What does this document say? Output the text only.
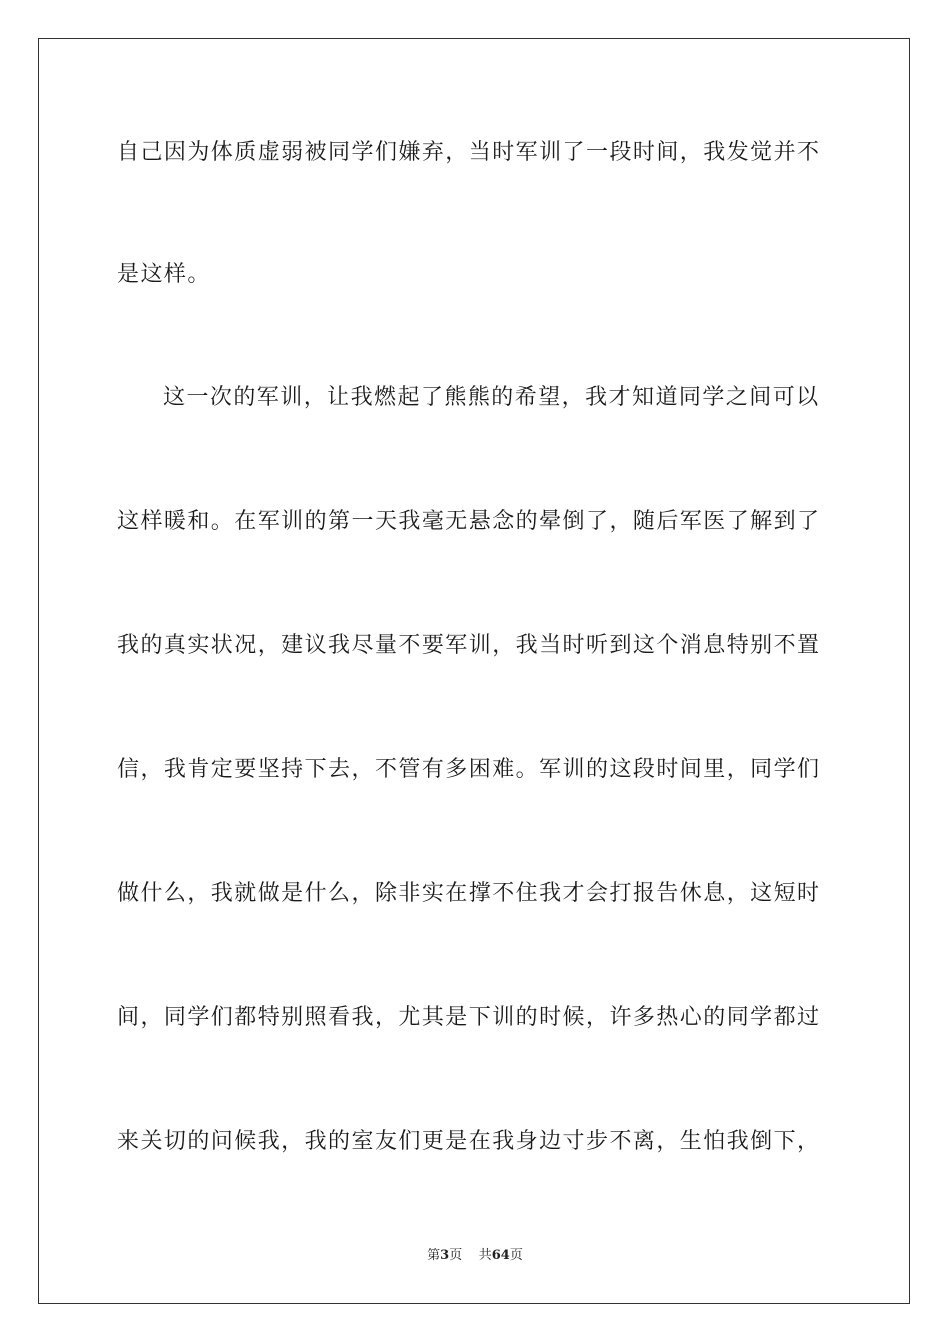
自己因为体质虚弱被同学们嫌弃，当时军训了一段时间，我发觉并不
是这样。
这一次的军训，让我燃起了熊熊的希望，我才知道同学之间可以
这样暖和。在军训的第一天我毫无悬念的晕倒了，随后军医了解到了
我的真实状况，建议我尽量不要军训，我当时听到这个消息特别不置
信，我肯定要坚持下去，不管有多困难。军训的这段时间里，同学们
做什么，我就做是什么，除非实在撑不住我才会打报告休息，这短时
间，同学们都特别照看我，尤其是下训的时候，许多热心的同学都过
来关切的问候我，我的室友们更是在我身边寸步不离，生怕我倒下，
第3页 共64页
